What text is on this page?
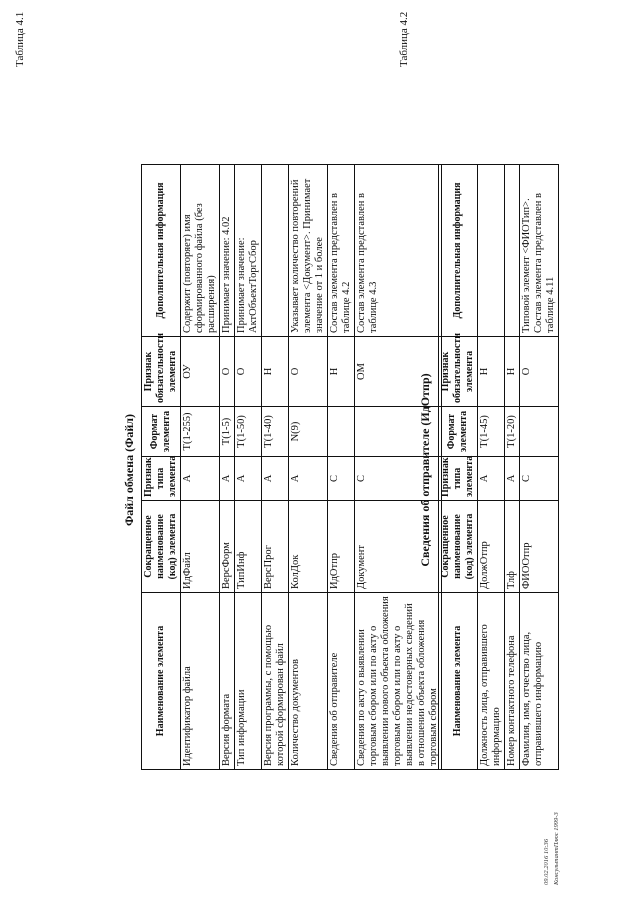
Таблица 4.1
Файл обмена (Файл)
Наименование элемента	Сокращенное наименование (код) элемента	Признак типа элемента	Формат элемента	Признак обязательности элемента	Дополнительная информация
Идентификатор файла	ИдФайл	А	T(1-255)	ОУ	Содержит (повторяет) имя сформированного файла (без расширения)
Версия формата	ВерсФорм	А	T(1-5)	О	Принимает значение: 4.02
Тип информации	ТипИнф	А	T(1-50)	О	Принимает значение: АктОбъектТоргСбор
Версия программы, с помощью которой сформирован файл	ВерсПрог	А	T(1-40)	Н	
Количество документов	КолДок	А	N(9)	О	Указывает количество повторений элемента <Документ>. Принимает значение от 1 и более
Сведения об отправителе	ИдОтпр	С		Н	Состав элемента представлен в таблице 4.2
Сведения по акту о выявлении торговым сбором или по акту о выявлении нового объекта обложения торговым сбором или по акту о выявлении недостоверных сведений в отношении объекта обложения торговым сбором	Документ	С		ОМ	Состав элемента представлен в таблице 4.3
Таблица 4.2
Сведения об отправителе (ИдОтпр)
Наименование элемента	Сокращенное наименование (код) элемента	Признак типа элемента	Формат элемента	Признак обязательности элемента	Дополнительная информация
Должность лица, отправившего информацию	ДолжОтпр	А	T(1-45)	Н	
Номер контактного телефона	Тлф	А	T(1-20)	Н	
Фамилия, имя, отчество лица, отправившего информацию	ФИООтпр	С		О	Типовой элемент <ФИОТип>. Состав элемента представлен в таблице 4.11
09.02.2016 10:36 КонсультантПлюс 1999-3
